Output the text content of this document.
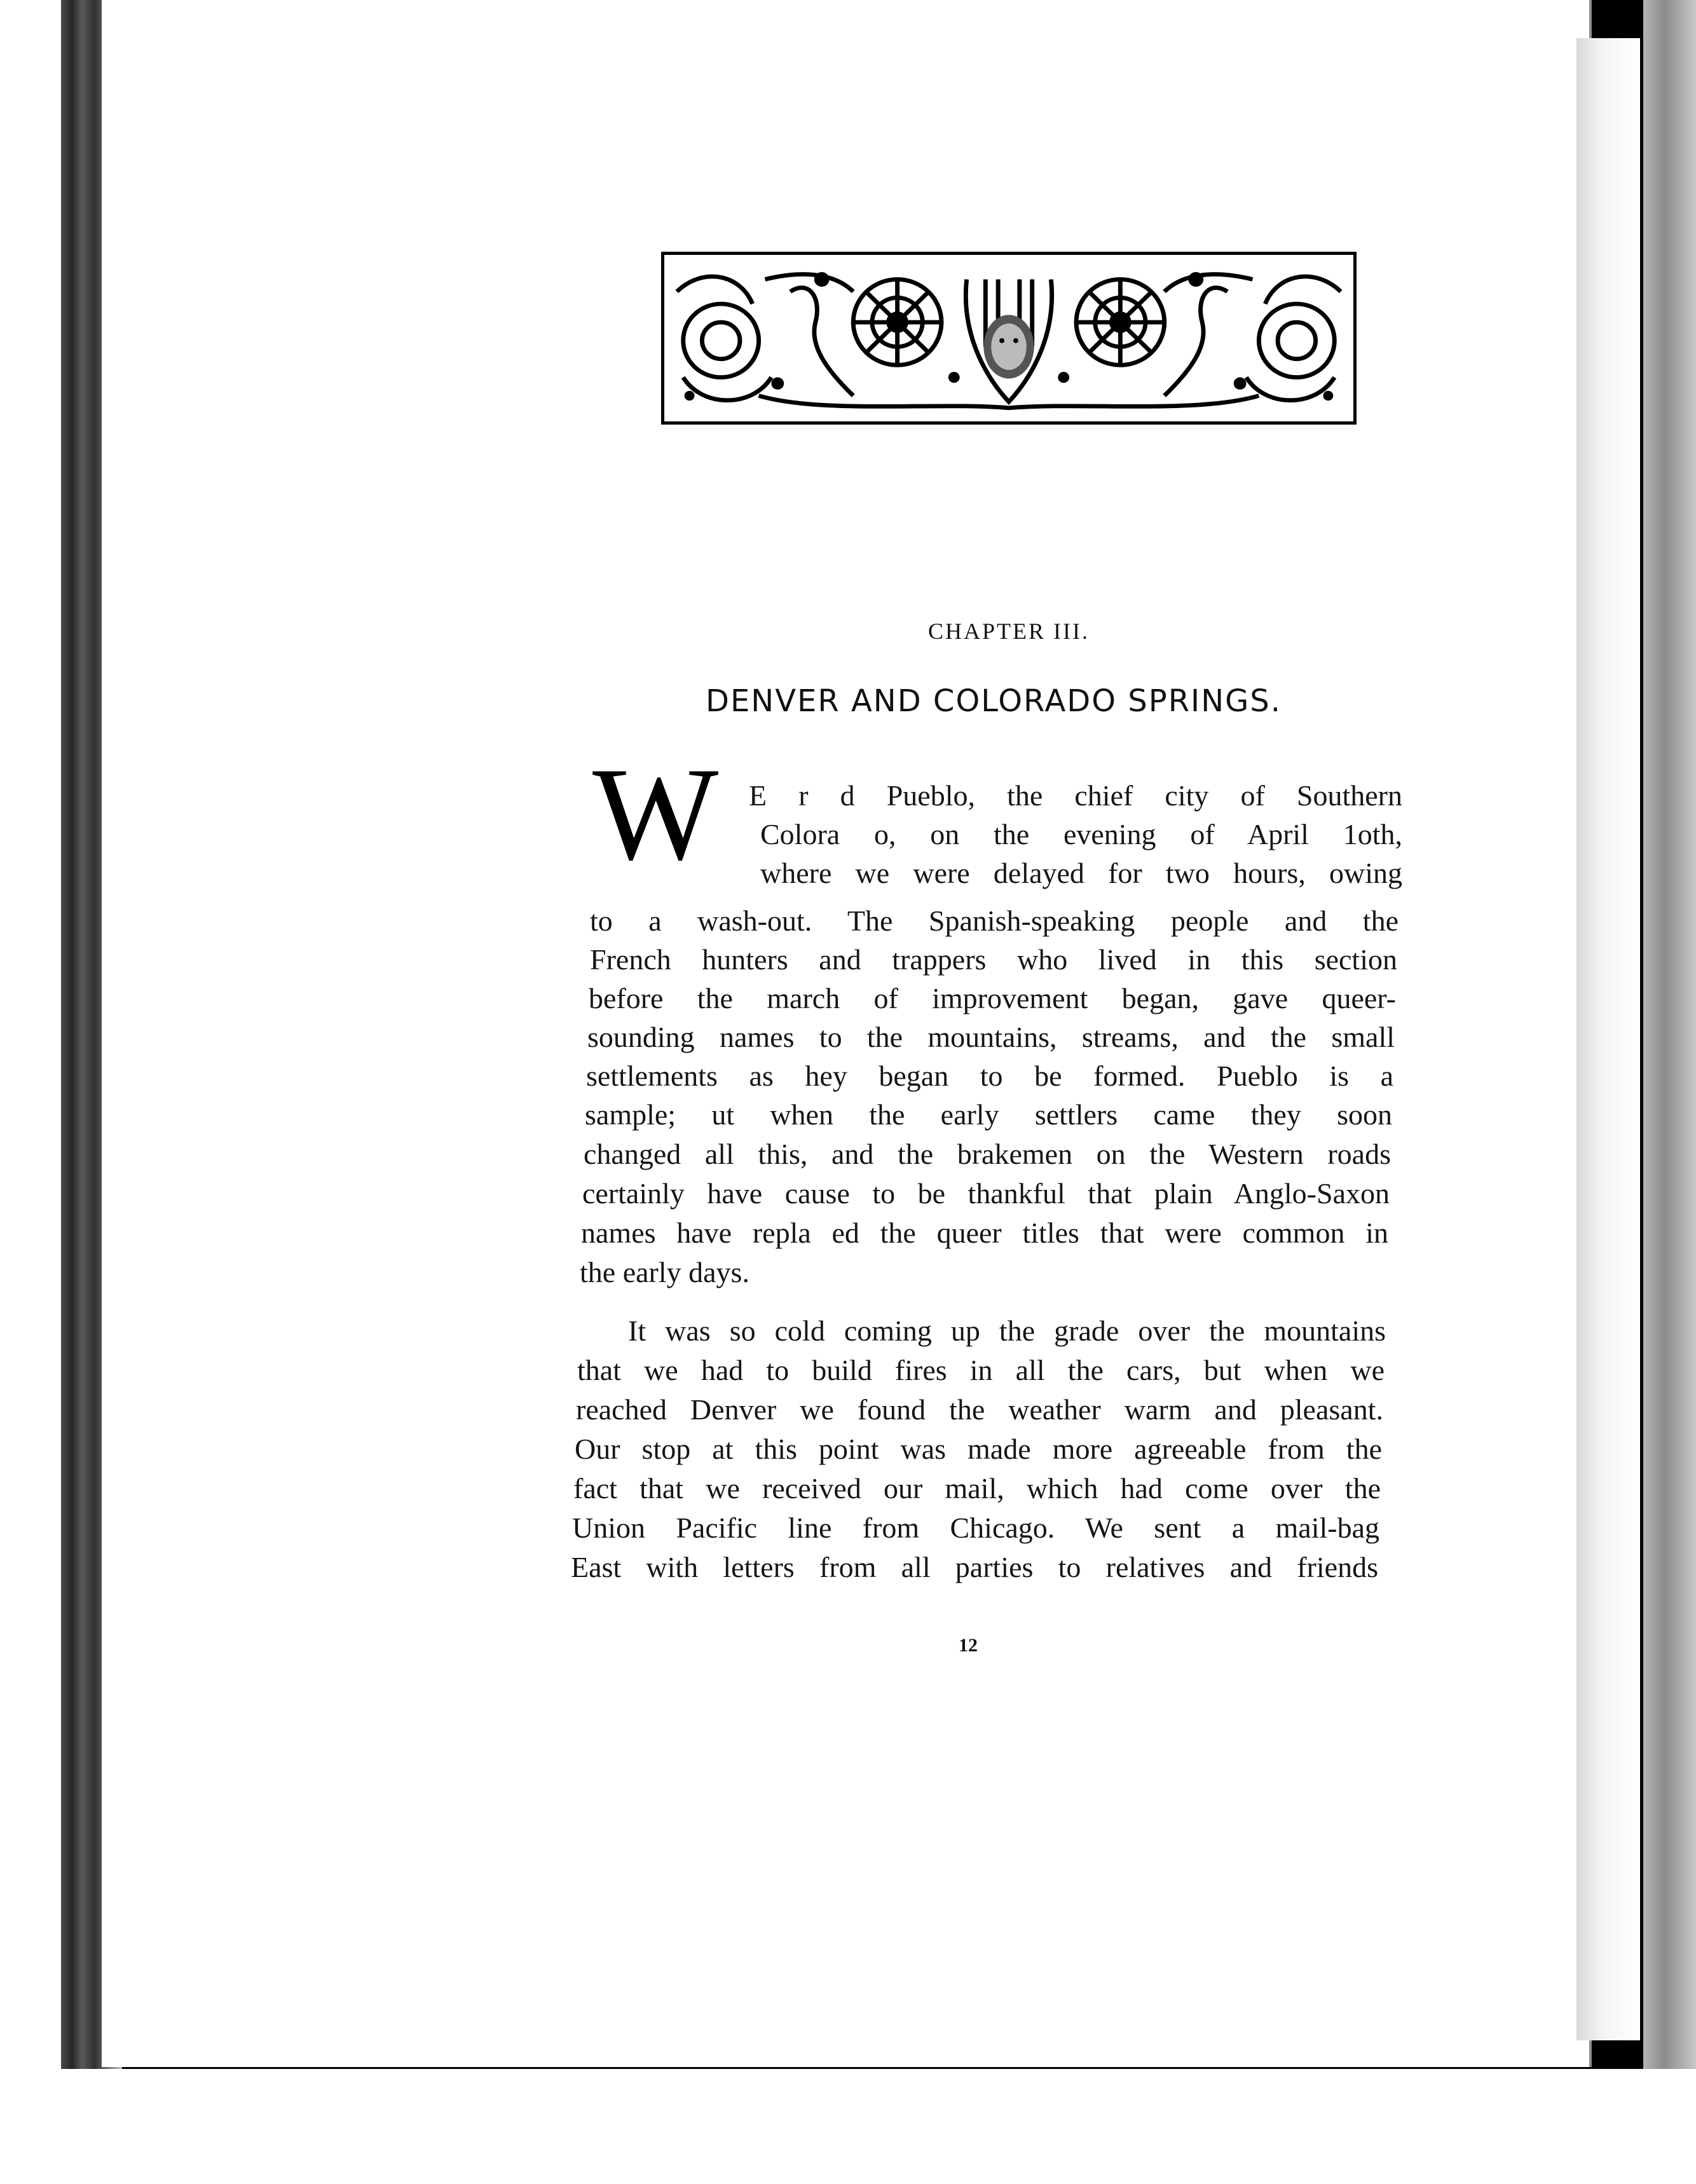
CHAPTER III.
DENVER AND COLORADO SPRINGS.
W E r d Pueblo, the chief city of Southern
Colora o, on the evening of April 1oth,
where we were delayed for two hours, owing
to a wash-out. The Spanish-speaking people and the
French hunters and trappers who lived in this section
before the march of improvement began, gave queer-
sounding names to the mountains, streams, and the small
settlements as hey began to be formed. Pueblo is a
sample; ut when the early settlers came they soon
changed all this, and the brakemen on the Western roads
certainly have cause to be thankful that plain Anglo-Saxon
names have repla ed the queer titles that were common in
the early days.
It was so cold coming up the grade over the mountains
that we had to build fires in all the cars, but when we
reached Denver we found the weather warm and pleasant.
Our stop at this point was made more agreeable from the
fact that we received our mail, which had come over the
Union Pacific line from Chicago. We sent a mail-bag
East with letters from all parties to relatives and friends
12
